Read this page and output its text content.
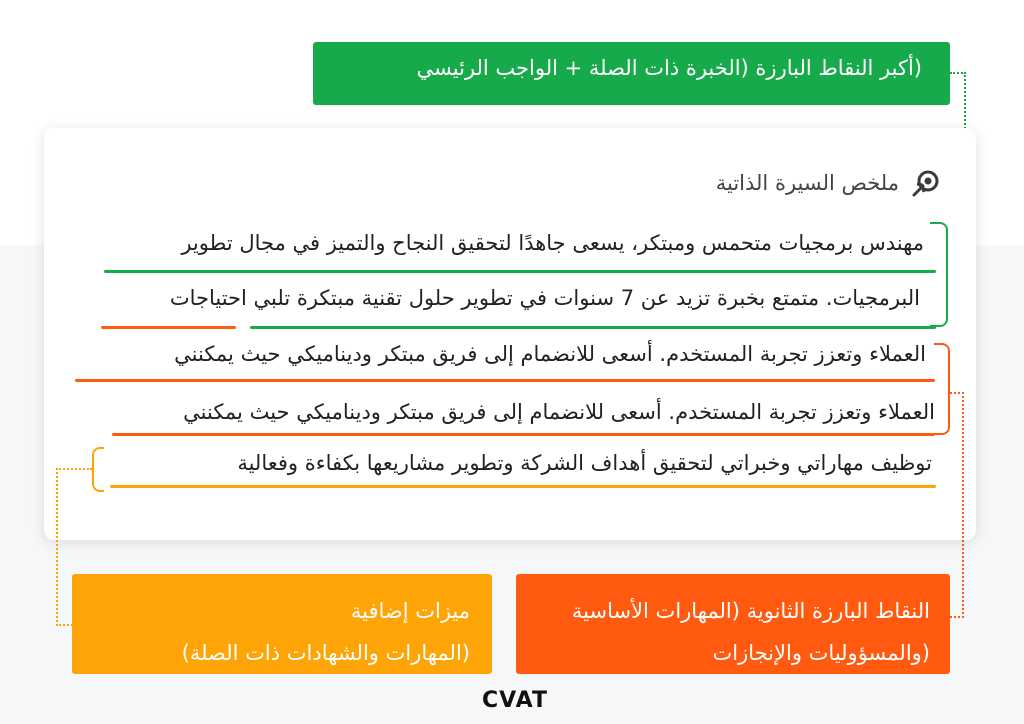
(أكبر النقاط البارزة (الخبرة ذات الصلة + الواجب الرئيسي
ملخص السيرة الذاتية
مهندس برمجيات متحمس ومبتكر، يسعى جاهدًا لتحقيق النجاح والتميز في مجال تطوير
البرمجيات. متمتع بخبرة تزيد عن 7 سنوات في تطوير حلول تقنية مبتكرة تلبي احتياجات
العملاء وتعزز تجربة المستخدم. أسعى للانضمام إلى فريق مبتكر وديناميكي حيث يمكنني
العملاء وتعزز تجربة المستخدم. أسعى للانضمام إلى فريق مبتكر وديناميكي حيث يمكنني
توظيف مهاراتي وخبراتي لتحقيق أهداف الشركة وتطوير مشاريعها بكفاءة وفعالية
النقاط البارزة الثانوية (المهارات الأساسية
(والمسؤوليات والإنجازات
ميزات إضافية
(المهارات والشهادات ذات الصلة)
CVAT
